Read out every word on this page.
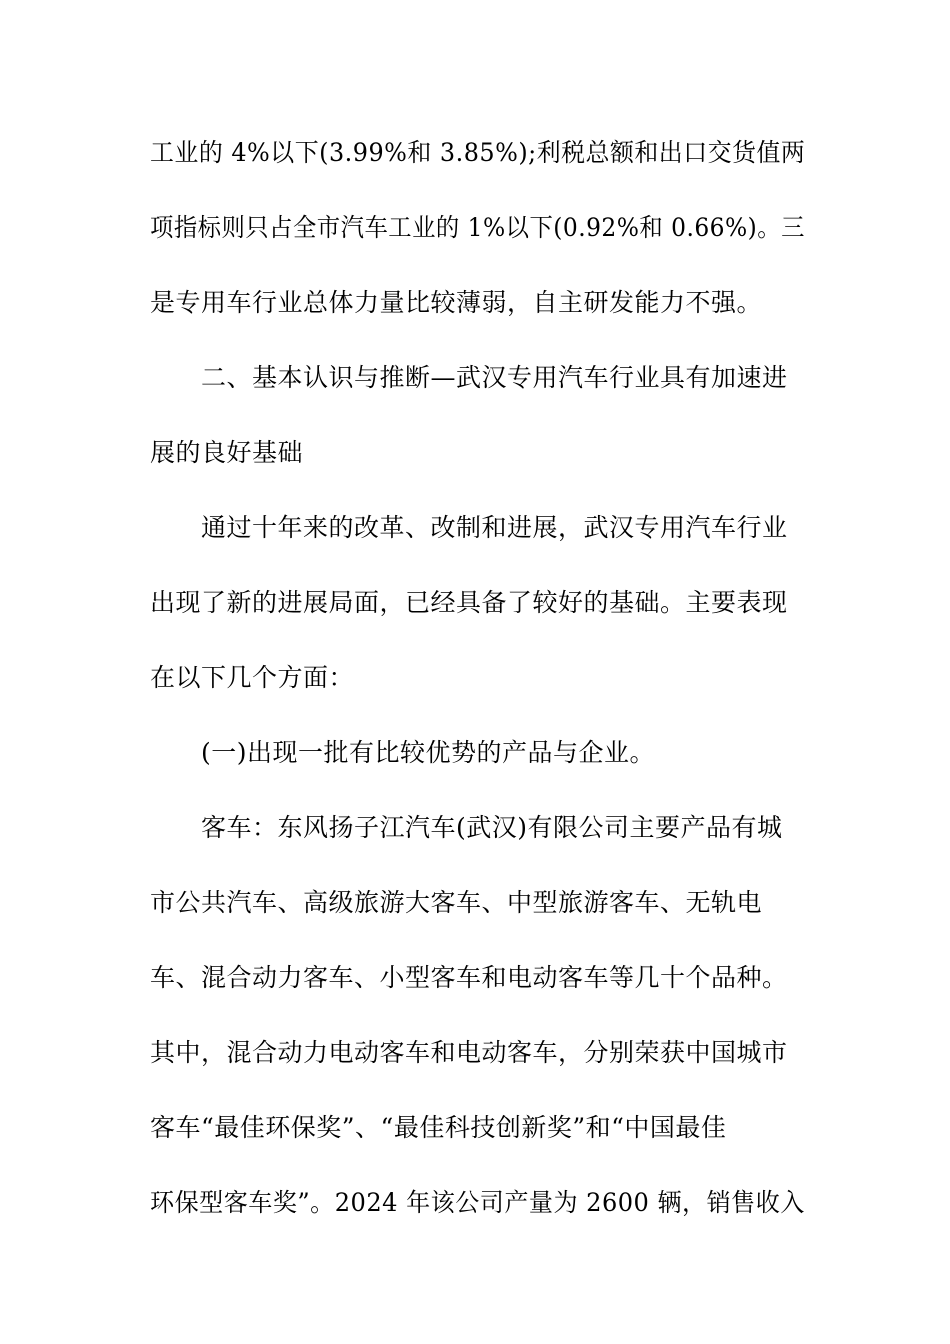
工业的 4%以下(3.99%和 3.85%);利税总额和出口交货值两
项指标则只占全市汽车工业的 1%以下(0.92%和 0.66%)。三
是专用车行业总体力量比较薄弱，自主研发能力不强。
二、基本认识与推断—武汉专用汽车行业具有加速进
展的良好基础
通过十年来的改革、改制和进展，武汉专用汽车行业
出现了新的进展局面，已经具备了较好的基础。主要表现
在以下几个方面：
(一)出现一批有比较优势的产品与企业。
客车：东风扬子江汽车(武汉)有限公司主要产品有城
市公共汽车、高级旅游大客车、中型旅游客车、无轨电
车、混合动力客车、小型客车和电动客车等几十个品种。
其中，混合动力电动客车和电动客车，分别荣获中国城市
客车“最佳环保奖”、“最佳科技创新奖”和“中国最佳
环保型客车奖”。2024 年该公司产量为 2600 辆，销售收入
